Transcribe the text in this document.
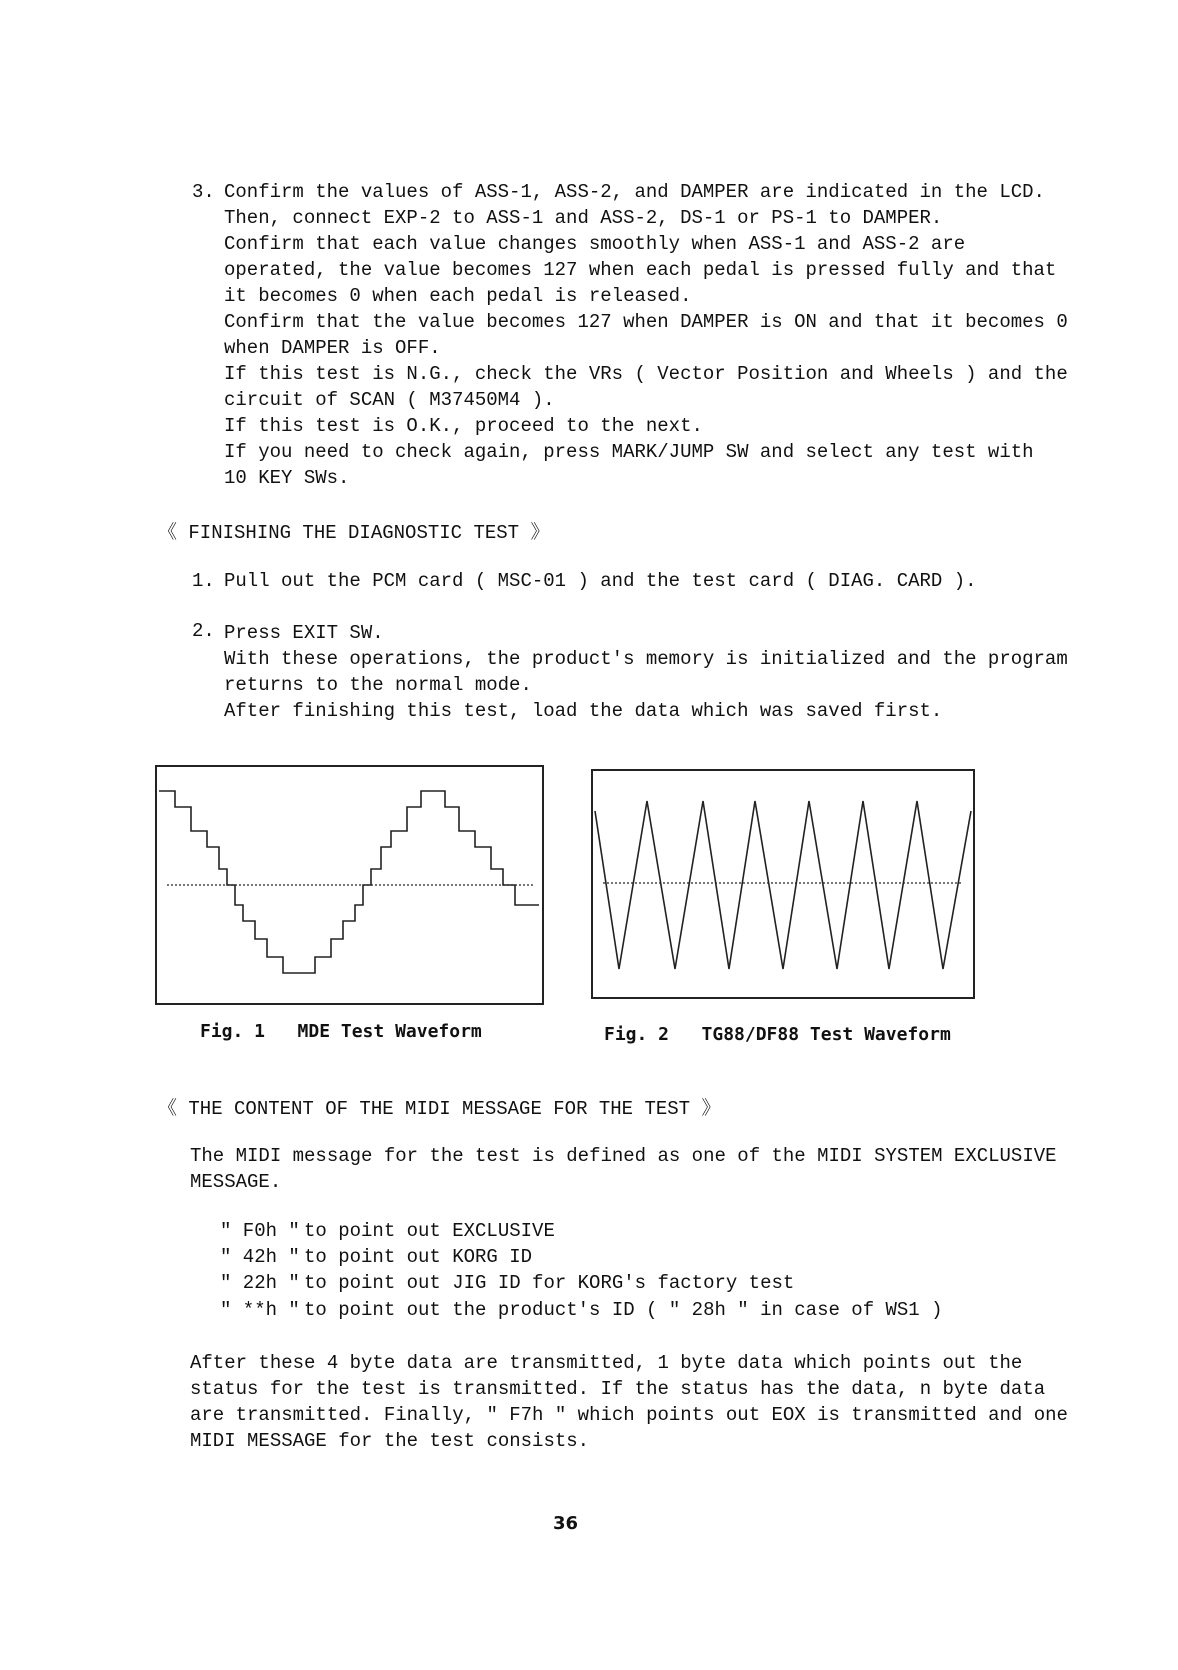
3. Confirm the values of ASS-1, ASS-2, and DAMPER are indicated in the LCD.
Then, connect EXP-2 to ASS-1 and ASS-2, DS-1 or PS-1 to DAMPER.
Confirm that each value changes smoothly when ASS-1 and ASS-2 are
operated, the value becomes 127 when each pedal is pressed fully and that
it becomes 0 when each pedal is released.
Confirm that the value becomes 127 when DAMPER is ON and that it becomes 0
when DAMPER is OFF.
If this test is N.G., check the VRs ( Vector Position and Wheels ) and the
circuit of SCAN ( M37450M4 ).
If this test is O.K., proceed to the next.
If you need to check again, press MARK/JUMP SW and select any test with
10 KEY SWs.
《 FINISHING THE DIAGNOSTIC TEST 》
1. Pull out the PCM card ( MSC-01 ) and the test card ( DIAG. CARD ).
2. Press EXIT SW.
With these operations, the product's memory is initialized and the program
returns to the normal mode.
After finishing this test, load the data which was saved first.
Fig. 1   MDE Test Waveform	Fig. 2   TG88/DF88 Test Waveform
《 THE CONTENT OF THE MIDI MESSAGE FOR THE TEST 》
The MIDI message for the test is defined as one of the MIDI SYSTEM EXCLUSIVE
MESSAGE.
" F0h " to point out EXCLUSIVE
" 42h " to point out KORG ID
" 22h " to point out JIG ID for KORG's factory test
" **h " to point out the product's ID ( " 28h " in case of WS1 )
After these 4 byte data are transmitted, 1 byte data which points out the
status for the test is transmitted. If the status has the data, n byte data
are transmitted. Finally, " F7h " which points out EOX is transmitted and one
MIDI MESSAGE for the test consists.
36
